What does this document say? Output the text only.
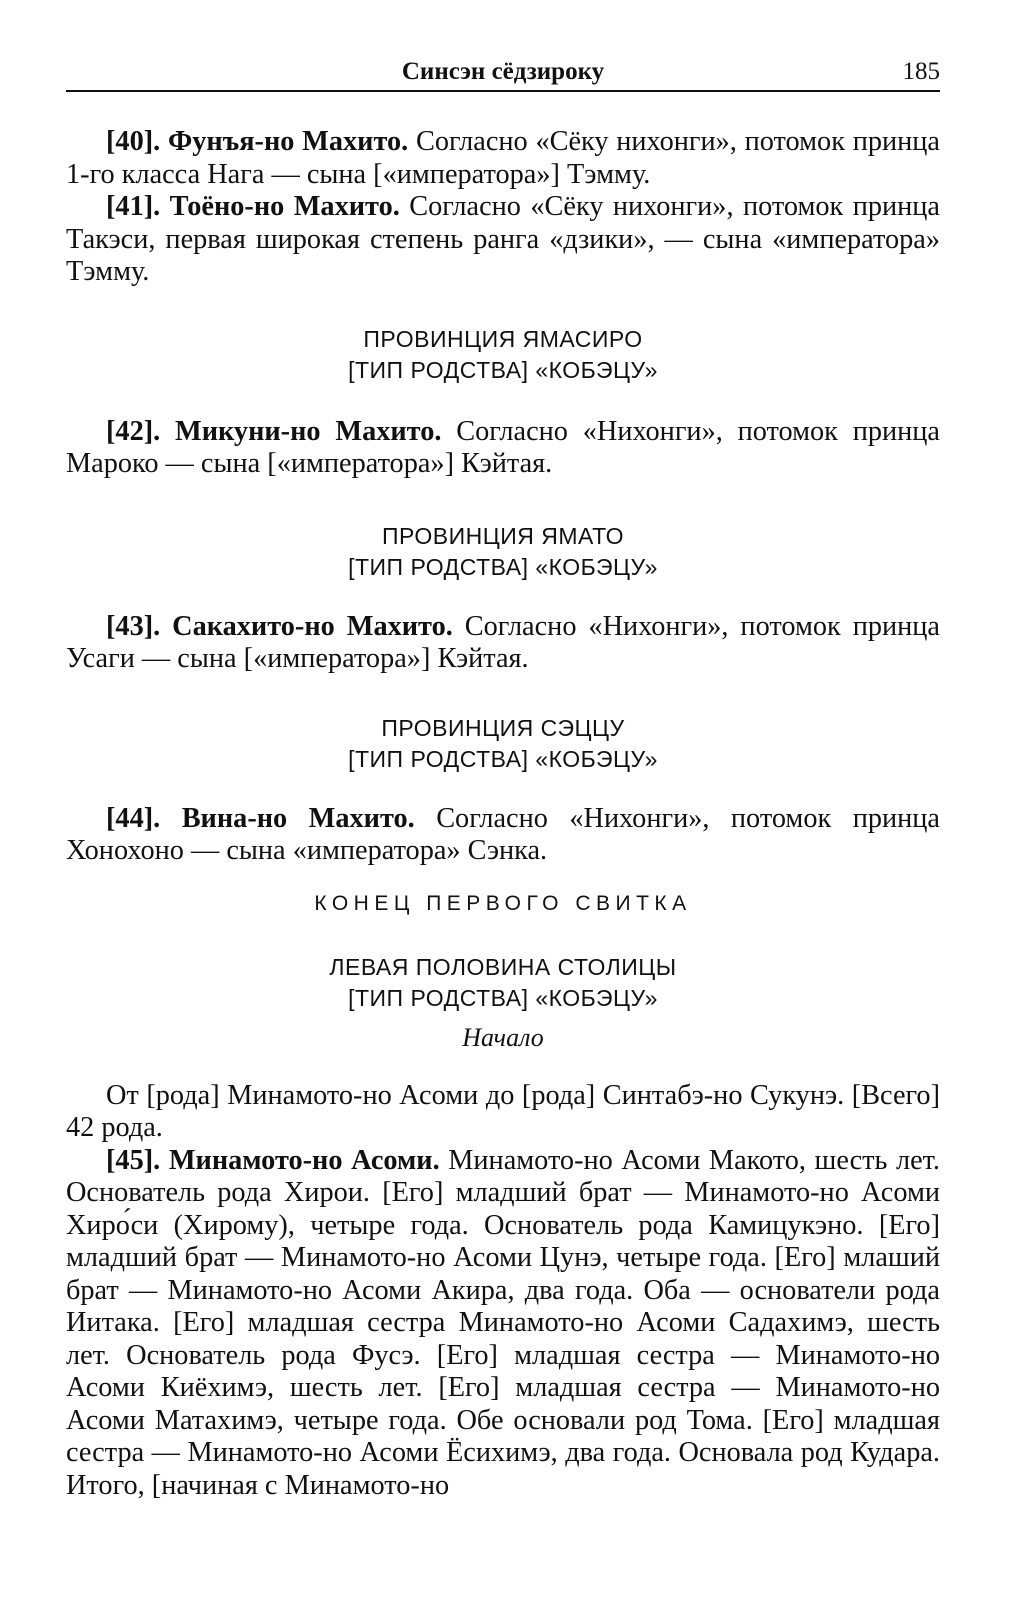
Синсэн сёдзироку	185

[40]. Фунъя-но Махито. Согласно «Сёку нихонги», потомок принца 1-го класса Нага — сына [«императора»] Тэмму.

[41]. Тоёно-но Махито. Согласно «Сёку нихонги», потомок принца Такэси, первая широкая степень ранга «дзики», — сына «императора» Тэмму.

ПРОВИНЦИЯ ЯМАСИРО
[ТИП РОДСТВА] «КОБЭЦУ»

[42]. Микуни-но Махито. Согласно «Нихонги», потомок принца Мароко — сына [«императора»] Кэйтая.

ПРОВИНЦИЯ ЯМАТО
[ТИП РОДСТВА] «КОБЭЦУ»

[43]. Сакахито-но Махито. Согласно «Нихонги», потомок принца Усаги — сына [«императора»] Кэйтая.

ПРОВИНЦИЯ СЭЦЦУ
[ТИП РОДСТВА] «КОБЭЦУ»

[44]. Вина-но Махито. Согласно «Нихонги», потомок принца Хонохоно — сына «императора» Сэнка.

КОНЕЦ ПЕРВОГО СВИТКА
ЛЕВАЯ ПОЛОВИНА СТОЛИЦЫ
[ТИП РОДСТВА] «КОБЭЦУ»
Начало

От [рода] Минамото-но Асоми до [рода] Синтабэ-но Сукунэ. [Всего] 42 рода.

[45]. Минамото-но Асоми. Минамото-но Асоми Макото, шесть лет. Основатель рода Хирои. [Его] младший брат — Минамото-но Асоми Хиро́си (Хирому), четыре года. Основатель рода Камицукэно. [Его] младший брат — Минамото-но Асоми Цунэ, четыре года. [Его] млаший брат — Минамото-но Асоми Акира, два года. Оба — основатели рода Иитака. [Его] младшая сестра Минамото-но Асоми Садахимэ, шесть лет. Основатель рода Фусэ. [Его] младшая сестра — Минамото-но Асоми Киёхимэ, шесть лет. [Его] младшая сестра — Минамото-но Асоми Матахимэ, четыре года. Обе основали род Тома. [Его] младшая сестра — Минамото-но Асоми Ёсихимэ, два года. Основала род Кудара. Итого, [начиная с Минамото-но
